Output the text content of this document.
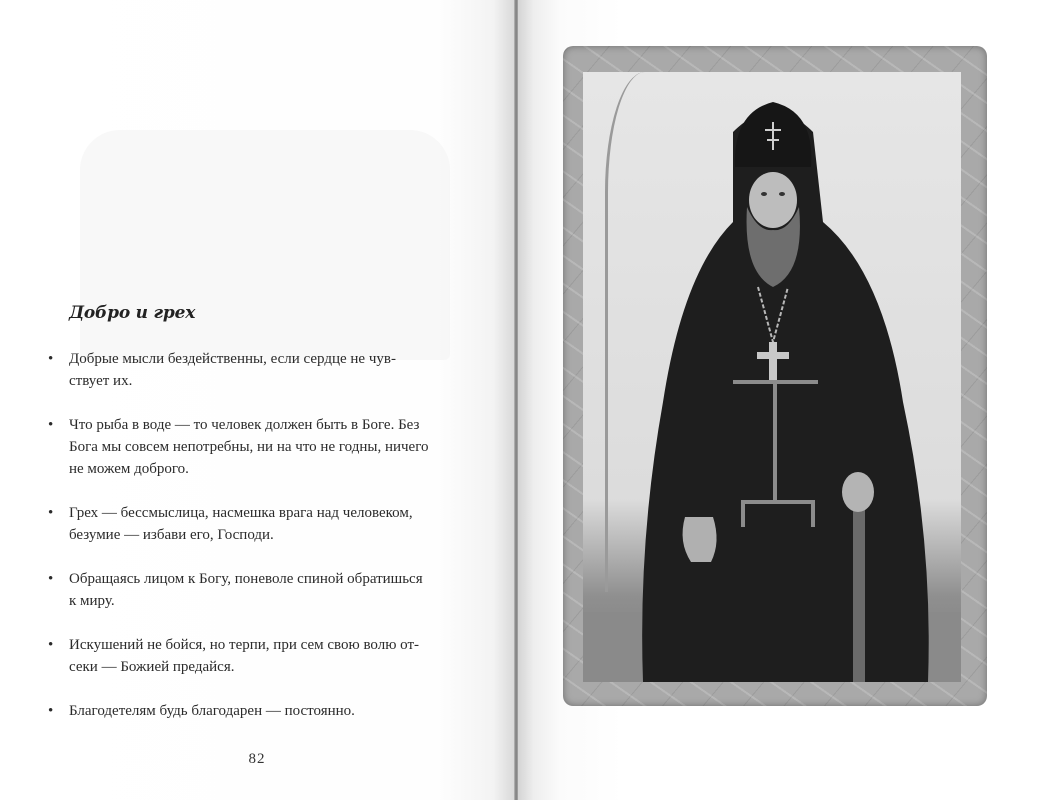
Добро и грех
• Добрые мысли бездейственны, если сердце не чув-
ствует их.
• Что рыба в воде — то человек должен быть в Боге. Без
Бога мы совсем непотребны, ни на что не годны, ничего
не можем доброго.
• Грех — бессмыслица, насмешка врага над человеком,
безумие — избави его, Господи.
• Обращаясь лицом к Богу, поневоле спиной обратишься
к миру.
• Искушений не бойся, но терпи, при сем свою волю от-
секи — Божией предайся.
• Благодетелям будь благодарен — постоянно.
82
